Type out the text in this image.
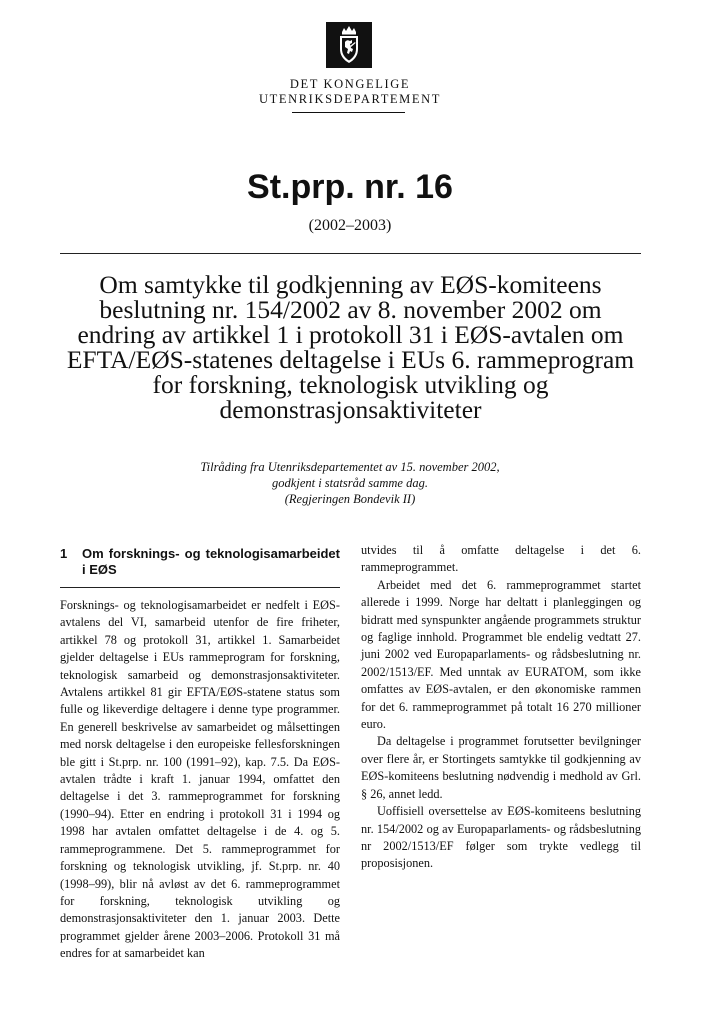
DET KONGELIGE
UTENRIKSDEPARTEMENT
St.prp. nr. 16
(2002–2003)
Om samtykke til godkjenning av EØS-komiteens beslutning nr. 154/2002 av 8. november 2002 om endring av artikkel 1 i protokoll 31 i EØS-avtalen om EFTA/EØS-statenes deltagelse i EUs 6. rammeprogram for forskning, teknologisk utvikling og demonstrasjonsaktiviteter
Tilråding fra Utenriksdepartementet av 15. november 2002,
godkjent i statsråd samme dag.
(Regjeringen Bondevik II)
1	Om forsknings- og teknologisamarbeidet i EØS

Forsknings- og teknologisamarbeidet er nedfelt i EØS-avtalens del VI, samarbeid utenfor de fire friheter, artikkel 78 og protokoll 31, artikkel 1. Samarbeidet gjelder deltagelse i EUs rammeprogram for forskning, teknologisk samarbeid og demonstrasjonsaktiviteter. Avtalens artikkel 81 gir EFTA/EØS-statene status som fulle og likeverdige deltagere i denne type programmer. En generell beskrivelse av samarbeidet og målsettingen med norsk deltagelse i den europeiske fellesforskningen ble gitt i St.prp. nr. 100 (1991–92), kap. 7.5. Da EØS-avtalen trådte i kraft 1. januar 1994, omfattet den deltagelse i det 3. rammeprogrammet for forskning (1990–94). Etter en endring i protokoll 31 i 1994 og 1998 har avtalen omfattet deltagelse i de 4. og 5. rammeprogrammene. Det 5. rammeprogrammet for forskning og teknologisk utvikling, jf. St.prp. nr. 40 (1998–99), blir nå avløst av det 6. rammeprogrammet for forskning, teknologisk utvikling og demonstrasjonsaktiviteter den 1. januar 2003. Dette programmet gjelder årene 2003–2006. Protokoll 31 må endres for at samarbeidet kan

utvides til å omfatte deltagelse i det 6. rammeprogrammet.

Arbeidet med det 6. rammeprogrammet startet allerede i 1999. Norge har deltatt i planleggingen og bidratt med synspunkter angående programmets struktur og faglige innhold. Programmet ble endelig vedtatt 27. juni 2002 ved Europaparlaments- og rådsbeslutning nr. 2002/1513/EF. Med unntak av EURATOM, som ikke omfattes av EØS-avtalen, er den økonomiske rammen for det 6. rammeprogrammet på totalt 16 270 millioner euro.

Da deltagelse i programmet forutsetter bevilgninger over flere år, er Stortingets samtykke til godkjenning av EØS-komiteens beslutning nødvendig i medhold av Grl. § 26, annet ledd.

Uoffisiell oversettelse av EØS-komiteens beslutning nr. 154/2002 og av Europaparlaments- og rådsbeslutning nr 2002/1513/EF følger som trykte vedlegg til proposisjonen.
